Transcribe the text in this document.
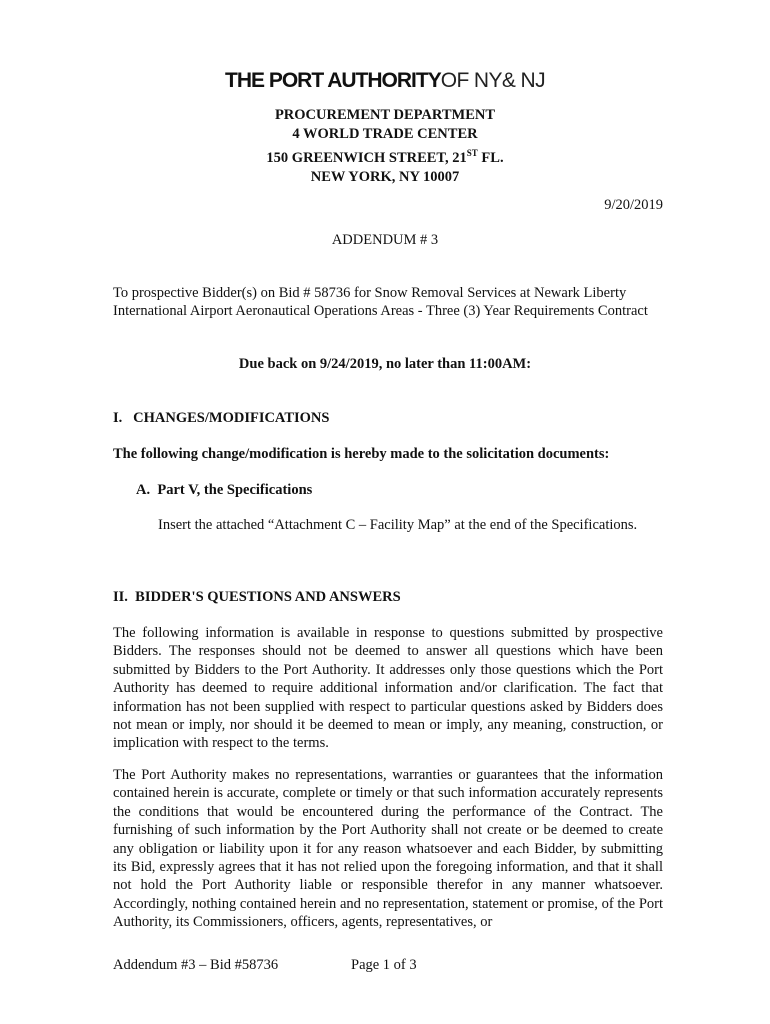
THE PORT AUTHORITYOF NY& NJ
PROCUREMENT DEPARTMENT
4 WORLD TRADE CENTER
150 GREENWICH STREET, 21ST FL.
NEW YORK, NY 10007
9/20/2019
ADDENDUM # 3
To prospective Bidder(s) on Bid # 58736 for Snow Removal Services at Newark Liberty International Airport Aeronautical Operations Areas - Three (3) Year Requirements Contract
Due back on 9/24/2019, no later than 11:00AM:
I.   CHANGES/MODIFICATIONS
The following change/modification is hereby made to the solicitation documents:
A.  Part V, the Specifications
Insert the attached “Attachment C – Facility Map” at the end of the Specifications.
II.  BIDDER'S QUESTIONS AND ANSWERS
The following information is available in response to questions submitted by prospective Bidders. The responses should not be deemed to answer all questions which have been submitted by Bidders to the Port Authority. It addresses only those questions which the Port Authority has deemed to require additional information and/or clarification. The fact that information has not been supplied with respect to particular questions asked by Bidders does not mean or imply, nor should it be deemed to mean or imply, any meaning, construction, or implication with respect to the terms.
The Port Authority makes no representations, warranties or guarantees that the information contained herein is accurate, complete or timely or that such information accurately represents the conditions that would be encountered during the performance of the Contract. The furnishing of such information by the Port Authority shall not create or be deemed to create any obligation or liability upon it for any reason whatsoever and each Bidder, by submitting its Bid, expressly agrees that it has not relied upon the foregoing information, and that it shall not hold the Port Authority liable or responsible therefor in any manner whatsoever. Accordingly, nothing contained herein and no representation, statement or promise, of the Port Authority, its Commissioners, officers, agents, representatives, or
Addendum #3 – Bid #58736	Page 1 of 3
